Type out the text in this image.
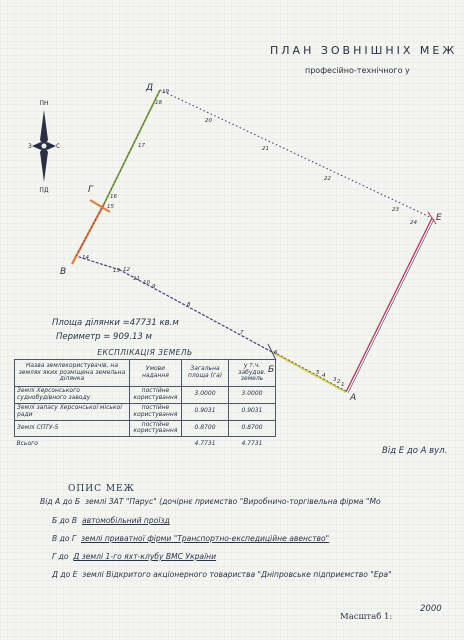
ПЛАН ЗОВНІШНІХ МЕЖ
професійно-технічного у
ПН
ПД
З	С
Д
Г
В
Б
А
Е
1
2
3
4
5
6
7
8
9
10
11
12
13
14
15
16
17
18
19
20
21
22
23
24
Площа ділянки =47731 кв.м
Периметр = 909.13 м
ЕКСПЛІКАЦІЯ ЗЕМЕЛЬ
Назва землекористувачів, на землях яких розміщена земельна ділянка	Умови надання	Загальна площа (га)	у т.ч. забудов. земель
Землі Херсонського суднобудівного заводу	постійне користування	3.0000	3.0000
Землі запасу Херсонської міської ради	постійне користування	0.9031	0.9031
Землі СПТУ-5	постійне користування	0.8700	0.8700
Всього		4.7731	4.7731
Від Е до А вул.
ОПИС МЕЖ
Від А до Б землі ЗАТ "Парус" (дочірнє приємство "Виробничо-торгівельна фірма "Мо
Б до В автомобільний проїзд
В до Г землі приватної фірми "Транспортно-експедиційне авенство"
Г до Д землі 1-го яхт-клубу ВМС України
Д до Е землі Відкритого акціонерного товариства "Дніпровське підприємство "Ера"
Масштаб 1:
2000
